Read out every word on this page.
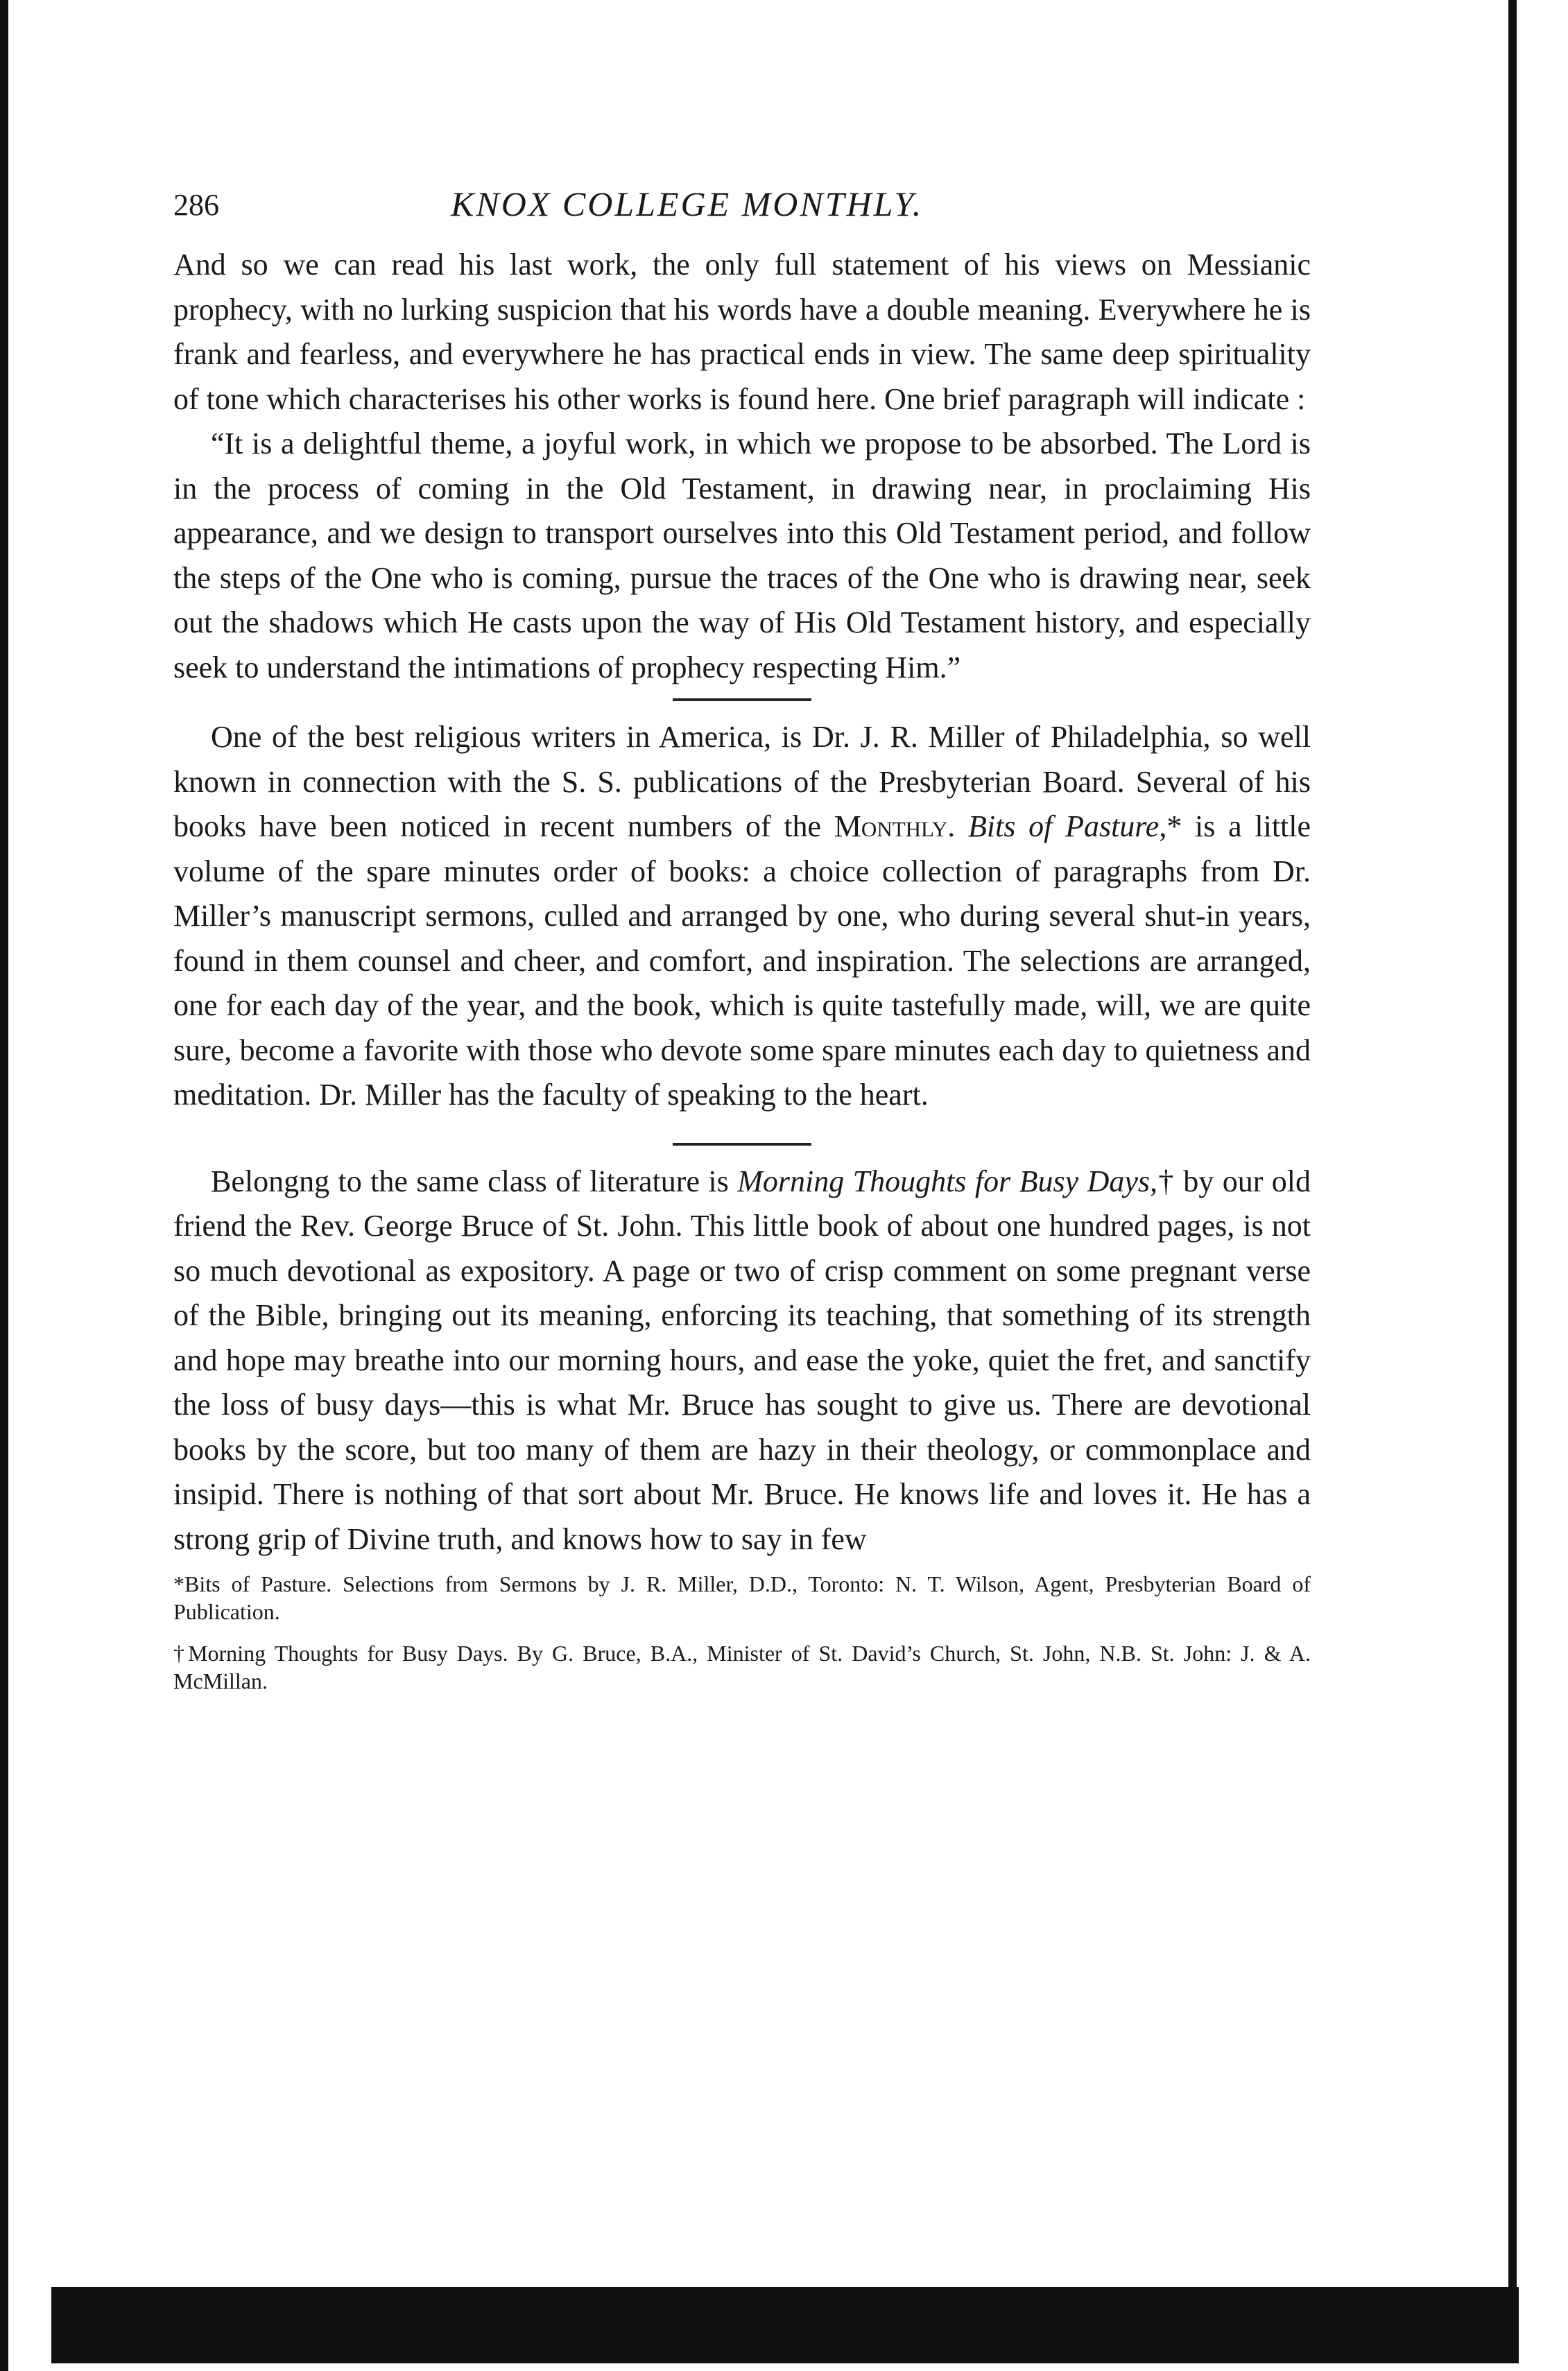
286	KNOX COLLEGE MONTHLY.

And so we can read his last work, the only full statement of his views on Messianic prophecy, with no lurking suspicion that his words have a double meaning. Everywhere he is frank and fearless, and everywhere he has practical ends in view. The same deep spirituality of tone which characterises his other works is found here. One brief paragraph will indicate :

“It is a delightful theme, a joyful work, in which we propose to be absorbed. The Lord is in the process of coming in the Old Testament, in drawing near, in proclaiming His appearance, and we design to transport ourselves into this Old Testament period, and follow the steps of the One who is coming, pursue the traces of the One who is drawing near, seek out the shadows which He casts upon the way of His Old Testament history, and especially seek to understand the intimations of prophecy respecting Him.”

One of the best religious writers in America, is Dr. J. R. Miller of Philadelphia, so well known in connection with the S. S. publications of the Presbyterian Board. Several of his books have been noticed in recent numbers of the Monthly. Bits of Pasture,* is a little volume of the spare minutes order of books: a choice collection of paragraphs from Dr. Miller’s manuscript sermons, culled and arranged by one, who during several shut-in years, found in them counsel and cheer, and comfort, and inspiration. The selections are arranged, one for each day of the year, and the book, which is quite tastefully made, will, we are quite sure, become a favorite with those who devote some spare minutes each day to quietness and meditation. Dr. Miller has the faculty of speaking to the heart.

Belongng to the same class of literature is Morning Thoughts for Busy Days,† by our old friend the Rev. George Bruce of St. John. This little book of about one hundred pages, is not so much devotional as expository. A page or two of crisp comment on some pregnant verse of the Bible, bringing out its meaning, enforcing its teaching, that something of its strength and hope may breathe into our morning hours, and ease the yoke, quiet the fret, and sanctify the loss of busy days—this is what Mr. Bruce has sought to give us. There are devotional books by the score, but too many of them are hazy in their theology, or commonplace and insipid. There is nothing of that sort about Mr. Bruce. He knows life and loves it. He has a strong grip of Divine truth, and knows how to say in few

*Bits of Pasture. Selections from Sermons by J. R. Miller, D.D., Toronto: N. T. Wilson, Agent, Presbyterian Board of Publication.

†Morning Thoughts for Busy Days. By G. Bruce, B.A., Minister of St. David’s Church, St. John, N.B. St. John: J. & A. McMillan.
